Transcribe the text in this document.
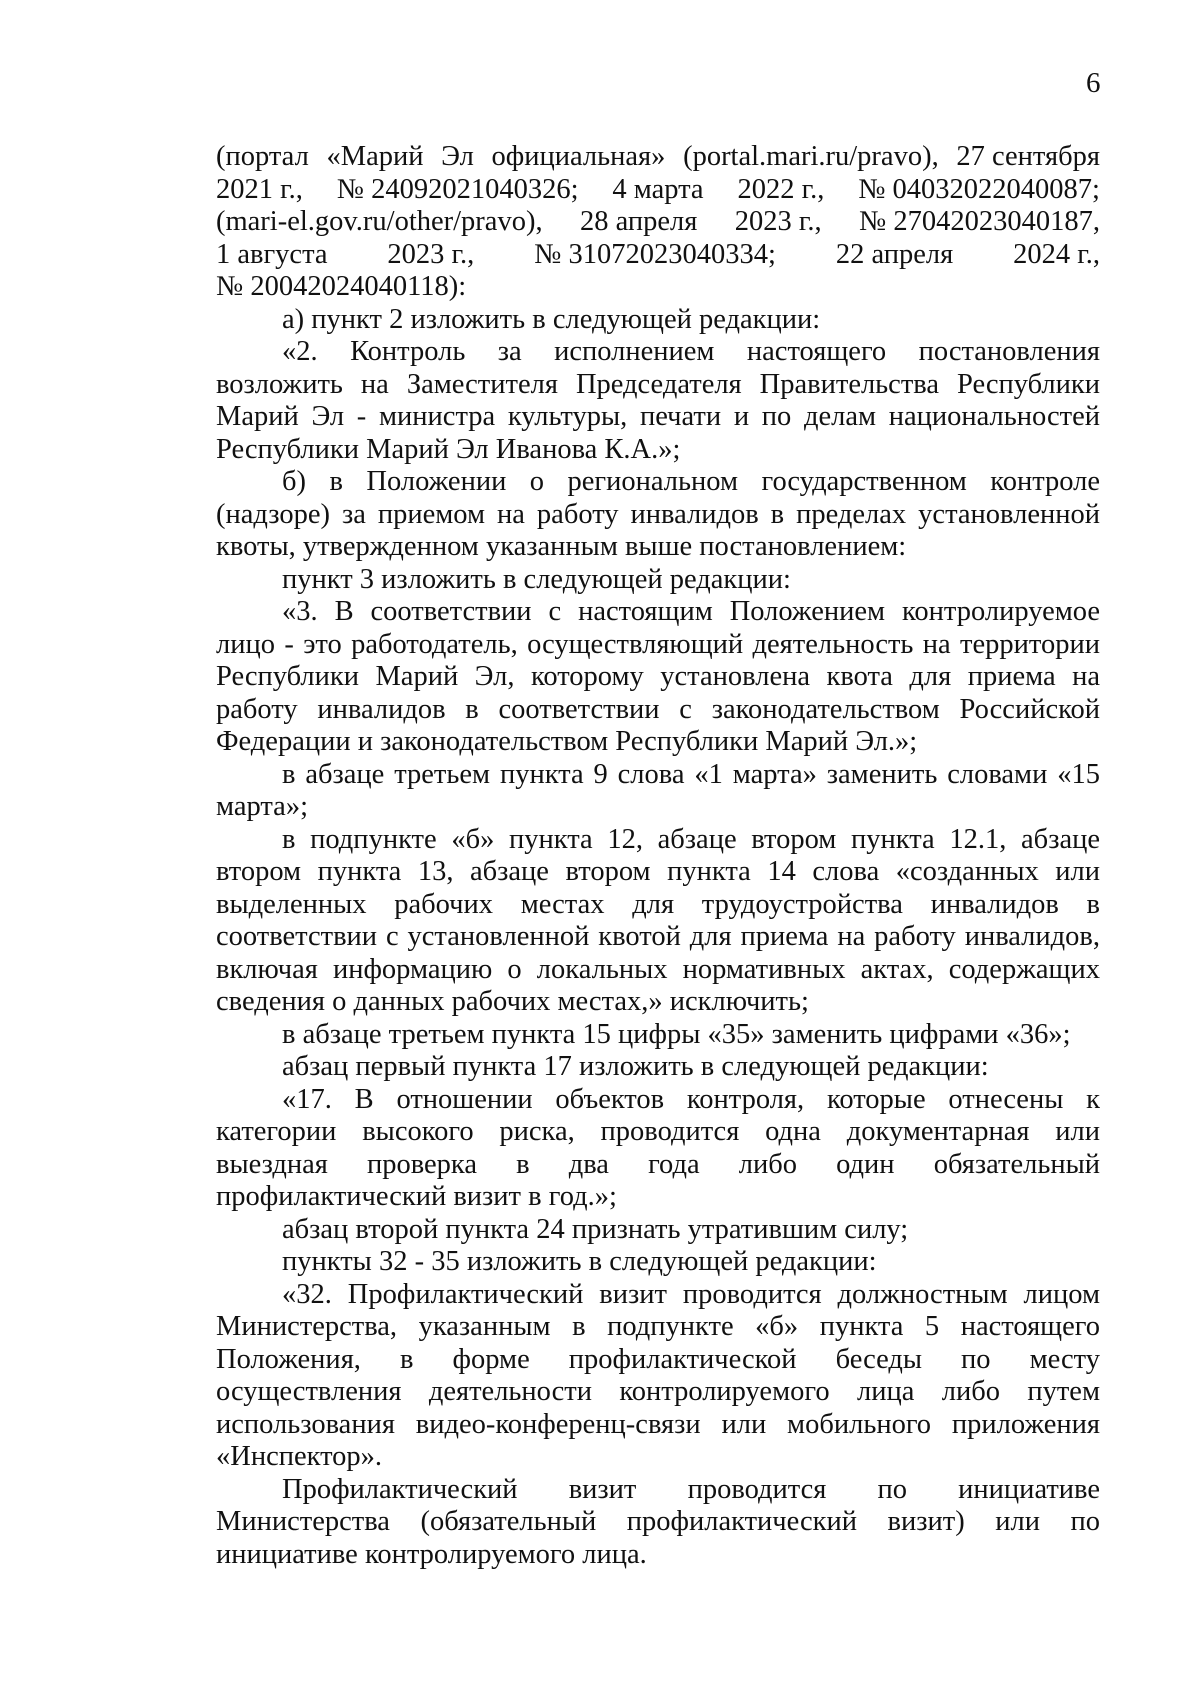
6
(портал «Марий Эл официальная» (portal.mari.ru/pravo), 27 сентября
2021 г., № 24092021040326; 4 марта 2022 г., № 04032022040087;
(mari-el.gov.ru/other/pravo), 28 апреля 2023 г., № 27042023040187,
1 августа 2023 г., № 31072023040334; 22 апреля 2024 г.,
№ 20042024040118):

а) пункт 2 изложить в следующей редакции:

«2. Контроль за исполнением настоящего постановления возложить на Заместителя Председателя Правительства Республики Марий Эл - министра культуры, печати и по делам национальностей Республики Марий Эл Иванова К.А.»;

б) в Положении о региональном государственном контроле (надзоре) за приемом на работу инвалидов в пределах установленной квоты, утвержденном указанным выше постановлением:

пункт 3 изложить в следующей редакции:

«3. В соответствии с настоящим Положением контролируемое лицо - это работодатель, осуществляющий деятельность на территории Республики Марий Эл, которому установлена квота для приема на работу инвалидов в соответствии с законодательством Российской Федерации и законодательством Республики Марий Эл.»;

в абзаце третьем пункта 9 слова «1 марта» заменить словами «15 марта»;

в подпункте «б» пункта 12, абзаце втором пункта 12.1, абзаце втором пункта 13, абзаце втором пункта 14 слова «созданных или выделенных рабочих местах для трудоустройства инвалидов в соответствии с установленной квотой для приема на работу инвалидов, включая информацию о локальных нормативных актах, содержащих сведения о данных рабочих местах,» исключить;

в абзаце третьем пункта 15 цифры «35» заменить цифрами «36»;

абзац первый пункта 17 изложить в следующей редакции:

«17. В отношении объектов контроля, которые отнесены к категории высокого риска, проводится одна документарная или выездная проверка в два года либо один обязательный профилактический визит в год.»;

абзац второй пункта 24 признать утратившим силу;

пункты 32 - 35 изложить в следующей редакции:

«32. Профилактический визит проводится должностным лицом Министерства, указанным в подпункте «б» пункта 5 настоящего Положения, в форме профилактической беседы по месту осуществления деятельности контролируемого лица либо путем использования видео-конференц-связи или мобильного приложения «Инспектор».

Профилактический визит проводится по инициативе Министерства (обязательный профилактический визит) или по инициативе контролируемого лица.
